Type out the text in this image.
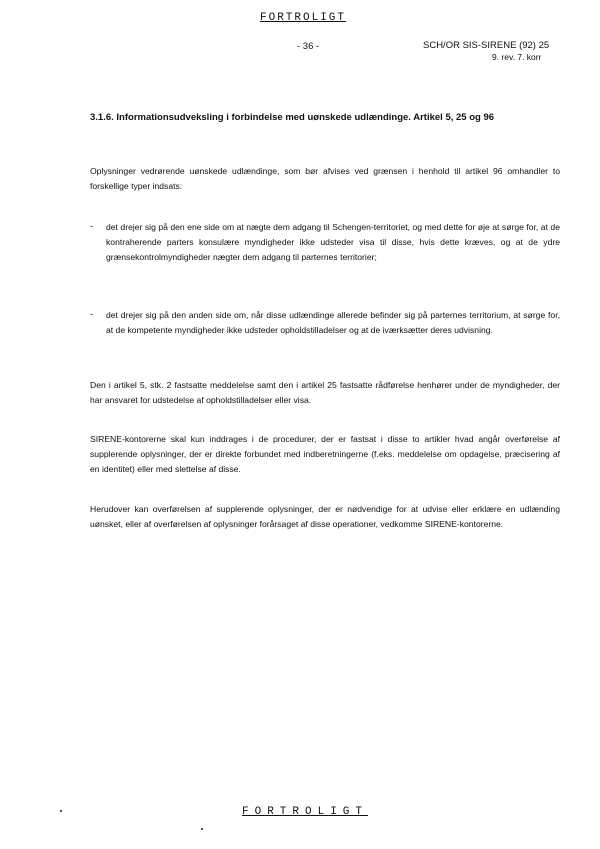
FORTROLIGT
- 36 -	SCH/OR SIS-SIRENE (92) 25
9. rev. 7. korr
3.1.6. Informationsudveksling i forbindelse med uønskede udlændinge. Artikel 5, 25 og 96
Oplysninger vedrørende uønskede udlændinge, som bør afvises ved grænsen i henhold til artikel 96 omhandler to forskellige typer indsats:
- det drejer sig på den ene side om at nægte dem adgang til Schengen-territoriet, og med dette for øje at sørge for, at de kontraherende parters konsulære myndigheder ikke udsteder visa til disse, hvis dette kræves, og at de ydre grænsekontrolmyndigheder nægter dem adgang til parternes territorier;
- det drejer sig på den anden side om, når disse udlændinge allerede befinder sig på parternes territorium, at sørge for, at de kompetente myndigheder ikke udsteder opholdstilladelser og at de iværksætter deres udvisning.
Den i artikel 5, stk. 2 fastsatte meddelelse samt den i artikel 25 fastsatte rådførelse henhører under de myndigheder, der har ansvaret for udstedelse af opholdstilladelser eller visa.
SIRENE-kontorerne skal kun inddrages i de procedurer, der er fastsat i disse to artikler hvad angår overførelse af supplerende oplysninger, der er direkte forbundet med indberetningerne (f.eks. meddelelse om opdagelse, præcisering af en identitet) eller med slettelse af disse.
Herudover kan overførelsen af supplerende oplysninger, der er nødvendige for at udvise eller erklære en udlænding uønsket, eller af overførelsen af oplysninger forårsaget af disse operationer, vedkomme SIRENE-kontorerne.
FORTROLIGT
